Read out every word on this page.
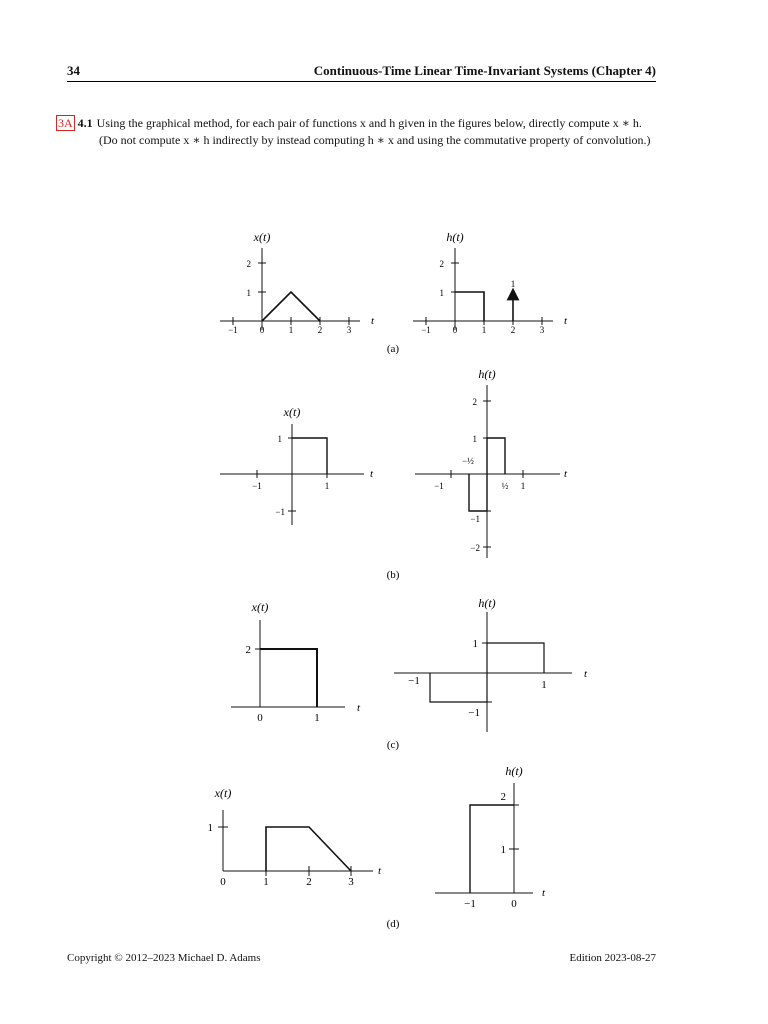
34	Continuous-Time Linear Time-Invariant Systems (Chapter 4)
3A 4.1 Using the graphical method, for each pair of functions x and h given in the figures below, directly compute x ∗ h.
(Do not compute x ∗ h indirectly by instead computing h ∗ x and using the commutative property of convolution.)
x(t)
t
−1 0	1	2	3
1
2
1
h(t)
t
−1 0	1	2	3
1
2
(a)
x(t)
t
−1	1
1
−1
h(t)
t
−1
−½
½ 1
2
1
−1
−2
(b)
x(t)
t
0	1
2
h(t)
t
−1	1
1
−1
(c)
x(t)
t
0	1	2	3
1
h(t)
t
−1	0
2
1
(d)
Copyright © 2012–2023 Michael D. Adams	Edition 2023-08-27
